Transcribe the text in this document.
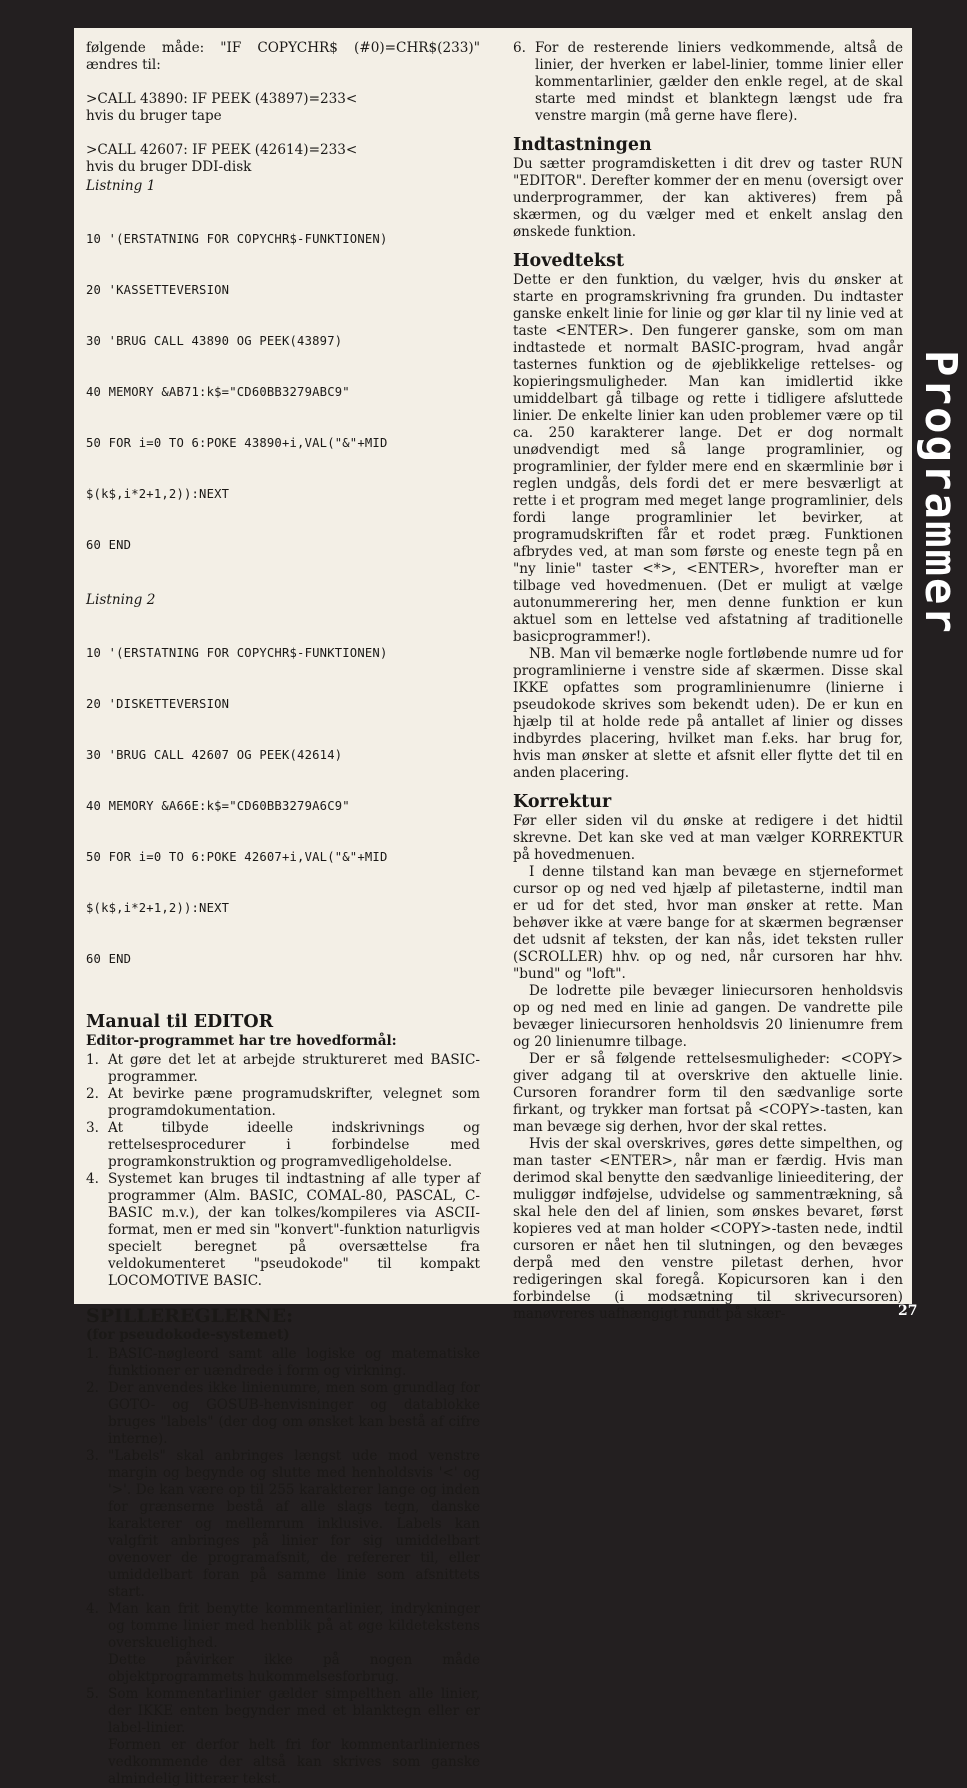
følgende måde: "IF COPYCHR$ (#0)=CHR$(233)" ændres til:

>CALL 43890: IF PEEK (43897)=233<

hvis du bruger tape

>CALL 42607: IF PEEK (42614)=233<

hvis du bruger DDI-disk

Listning 1

10 '(ERSTATNING FOR COPYCHR$-FUNKTIONEN)

20 'KASSETTEVERSION

30 'BRUG CALL 43890 OG PEEK(43897)

40 MEMORY &AB71:k$="CD60BB3279ABC9"

50 FOR i=0 TO 6:POKE 43890+i,VAL("&"+MID

$(k$,i*2+1,2)):NEXT

60 END

Listning 2

10 '(ERSTATNING FOR COPYCHR$-FUNKTIONEN)

20 'DISKETTEVERSION

30 'BRUG CALL 42607 OG PEEK(42614)

40 MEMORY &A66E:k$="CD60BB3279A6C9"

50 FOR i=0 TO 6:POKE 42607+i,VAL("&"+MID

$(k$,i*2+1,2)):NEXT

60 END

Manual til EDITOR
Editor-programmet har tre hovedformål:
1. At gøre det let at arbejde struktureret med BASIC-programmer.
2. At bevirke pæne programudskrifter, velegnet som programdokumentation.
3. At tilbyde ideelle indskrivnings og rettelsesprocedurer i forbindelse med programkonstruktion og programvedligeholdelse.
4. Systemet kan bruges til indtastning af alle typer af programmer (Alm. BASIC, COMAL-80, PASCAL, C-BASIC m.v.), der kan tolkes/kompileres via ASCII-format, men er med sin "konvert"-funktion naturligvis specielt beregnet på oversættelse fra veldokumenteret "pseudokode" til kompakt LOCOMOTIVE BASIC.
SPILLEREGLERNE:
(for pseudokode-systemet)
1. BASIC-nøgleord samt alle logiske og matematiske funktioner er uændrede i form og virkning.
2. Der anvendes ikke linienumre, men som grundlag for GOTO- og GOSUB-henvisninger og datablokke bruges "labels" (der dog om ønsket kan bestå af cifre interne).
3. "Labels" skal anbringes længst ude mod venstre margin og begynde og slutte med henholdsvis '<' og '>'. De kan være op til 255 karakterer lange og inden for grænserne bestå af alle slags tegn, danske karakterer og mellemrum inklusive. Labels kan valgfrit anbringes på linier for sig umiddelbart ovenover de programafsnit, de refererer til, eller umiddelbart foran på samme linie som afsnittets start.
4. Man kan frit benytte kommentarlinier, indrykninger og tomme linier med henblik på at øge kildetekstens overskuelighed.
Dette påvirker ikke på nogen måde objektprogrammets hukommelsesforbrug.
5. Som kommentarlinier gælder simpelthen alle linier, der IKKE enten begynder med et blanktegn eller er label-linier.
Formen er derfor helt fri for kommentarliniernes vedkommende der altså kan skrives som ganske almindelig litterær tekst.
6. For de resterende liniers vedkommende, altså de linier, der hverken er label-linier, tomme linier eller kommentarlinier, gælder den enkle regel, at de skal starte med mindst et blanktegn længst ude fra venstre margin (må gerne have flere).
Indtastningen

Du sætter programdisketten i dit drev og taster RUN "EDITOR". Derefter kommer der en menu (oversigt over underprogrammer, der kan aktiveres) frem på skærmen, og du vælger med et enkelt anslag den ønskede funktion.

Hovedtekst

Dette er den funktion, du vælger, hvis du ønsker at starte en programskrivning fra grunden. Du indtaster ganske enkelt linie for linie og gør klar til ny linie ved at taste <ENTER>. Den fungerer ganske, som om man indtastede et normalt BASIC-program, hvad angår tasternes funktion og de øjeblikkelige rettelses- og kopieringsmuligheder. Man kan imidlertid ikke umiddelbart gå tilbage og rette i tidligere afsluttede linier. De enkelte linier kan uden problemer være op til ca. 250 karakterer lange. Det er dog normalt unødvendigt med så lange programlinier, og programlinier, der fylder mere end en skærmlinie bør i reglen undgås, dels fordi det er mere besværligt at rette i et program med meget lange programlinier, dels fordi lange programlinier let bevirker, at programudskriften får et rodet præg. Funktionen afbrydes ved, at man som første og eneste tegn på en "ny linie" taster <*>, <ENTER>, hvorefter man er tilbage ved hovedmenuen. (Det er muligt at vælge autonummerering her, men denne funktion er kun aktuel som en lettelse ved afstatning af traditionelle basicprogrammer!).

NB. Man vil bemærke nogle fortløbende numre ud for programlinierne i venstre side af skærmen. Disse skal IKKE opfattes som programlinienumre (linierne i pseudokode skrives som bekendt uden). De er kun en hjælp til at holde rede på antallet af linier og disses indbyrdes placering, hvilket man f.eks. har brug for, hvis man ønsker at slette et afsnit eller flytte det til en anden placering.

Korrektur

Før eller siden vil du ønske at redigere i det hidtil skrevne. Det kan ske ved at man vælger KORREKTUR på hovedmenuen.

I denne tilstand kan man bevæge en stjerneformet cursor op og ned ved hjælp af piletasterne, indtil man er ud for det sted, hvor man ønsker at rette. Man behøver ikke at være bange for at skærmen begrænser det udsnit af teksten, der kan nås, idet teksten ruller (SCROLLER) hhv. op og ned, når cursoren har hhv. "bund" og "loft".

De lodrette pile bevæger liniecursoren henholdsvis op og ned med en linie ad gangen. De vandrette pile bevæger liniecursoren henholdsvis 20 linienumre frem og 20 linienumre tilbage.

Der er så følgende rettelsesmuligheder: <COPY> giver adgang til at overskrive den aktuelle linie. Cursoren forandrer form til den sædvanlige sorte firkant, og trykker man fortsat på <COPY>-tasten, kan man bevæge sig derhen, hvor der skal rettes.

Hvis der skal overskrives, gøres dette simpelthen, og man taster <ENTER>, når man er færdig. Hvis man derimod skal benytte den sædvanlige linieeditering, der muliggør indføjelse, udvidelse og sammentrækning, så skal hele den del af linien, som ønskes bevaret, først kopieres ved at man holder <COPY>-tasten nede, indtil cursoren er nået hen til slutningen, og den bevæges derpå med den venstre piletast derhen, hvor redigeringen skal foregå. Kopicursoren kan i den forbindelse (i modsætning til skrivecursoren) manøvreres uafhængigt rundt på skær-

Programmer
27
